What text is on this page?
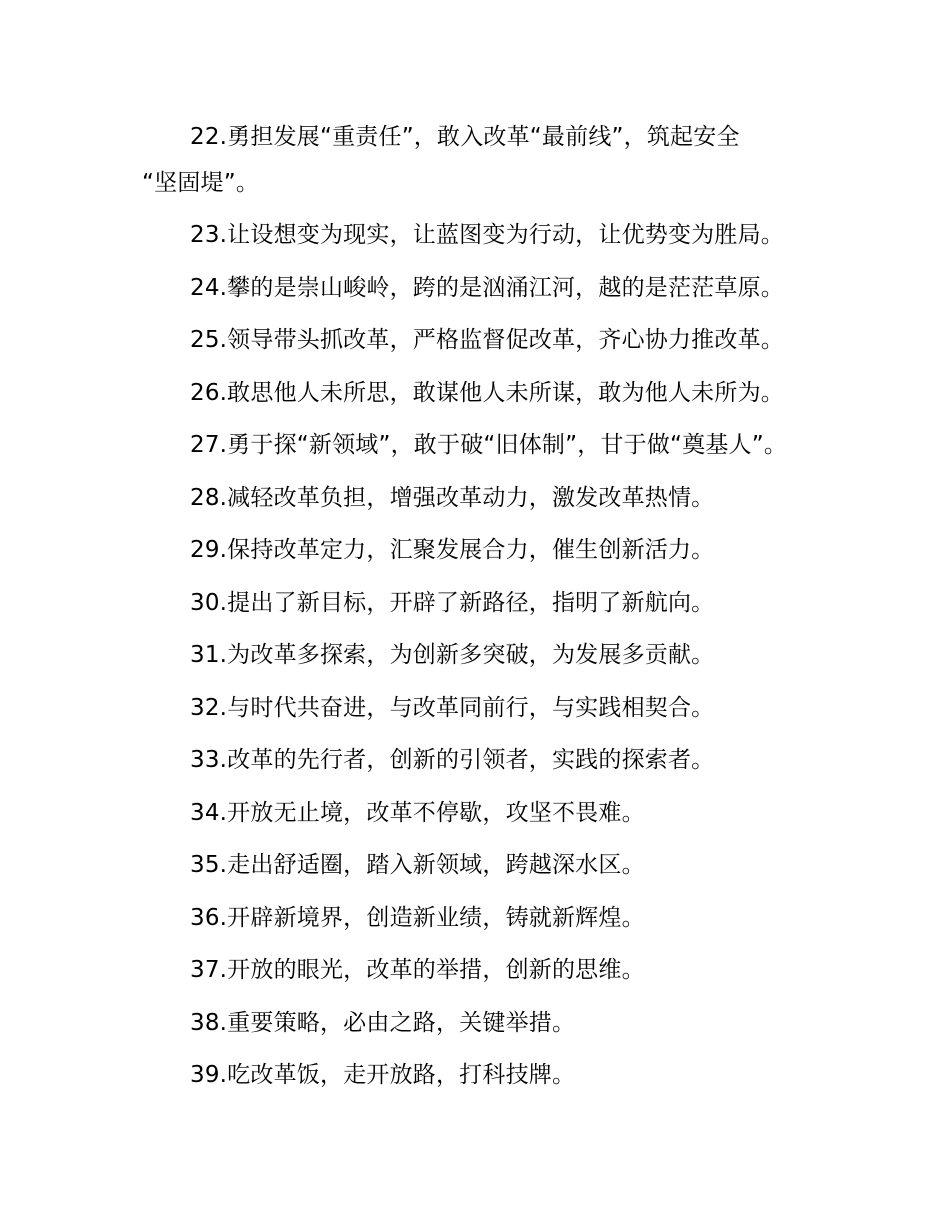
22.勇担发展“重责任”，敢入改革“最前线”，筑起安全
“坚固堤”。
23.让设想变为现实，让蓝图变为行动，让优势变为胜局。
24.攀的是崇山峻岭，跨的是汹涌江河，越的是茫茫草原。
25.领导带头抓改革，严格监督促改革，齐心协力推改革。
26.敢思他人未所思，敢谋他人未所谋，敢为他人未所为。
27.勇于探“新领域”，敢于破“旧体制”，甘于做“奠基人”。
28.减轻改革负担，增强改革动力，激发改革热情。
29.保持改革定力，汇聚发展合力，催生创新活力。
30.提出了新目标，开辟了新路径，指明了新航向。
31.为改革多探索，为创新多突破，为发展多贡献。
32.与时代共奋进，与改革同前行，与实践相契合。
33.改革的先行者，创新的引领者，实践的探索者。
34.开放无止境，改革不停歇，攻坚不畏难。
35.走出舒适圈，踏入新领域，跨越深水区。
36.开辟新境界，创造新业绩，铸就新辉煌。
37.开放的眼光，改革的举措，创新的思维。
38.重要策略，必由之路，关键举措。
39.吃改革饭，走开放路，打科技牌。
